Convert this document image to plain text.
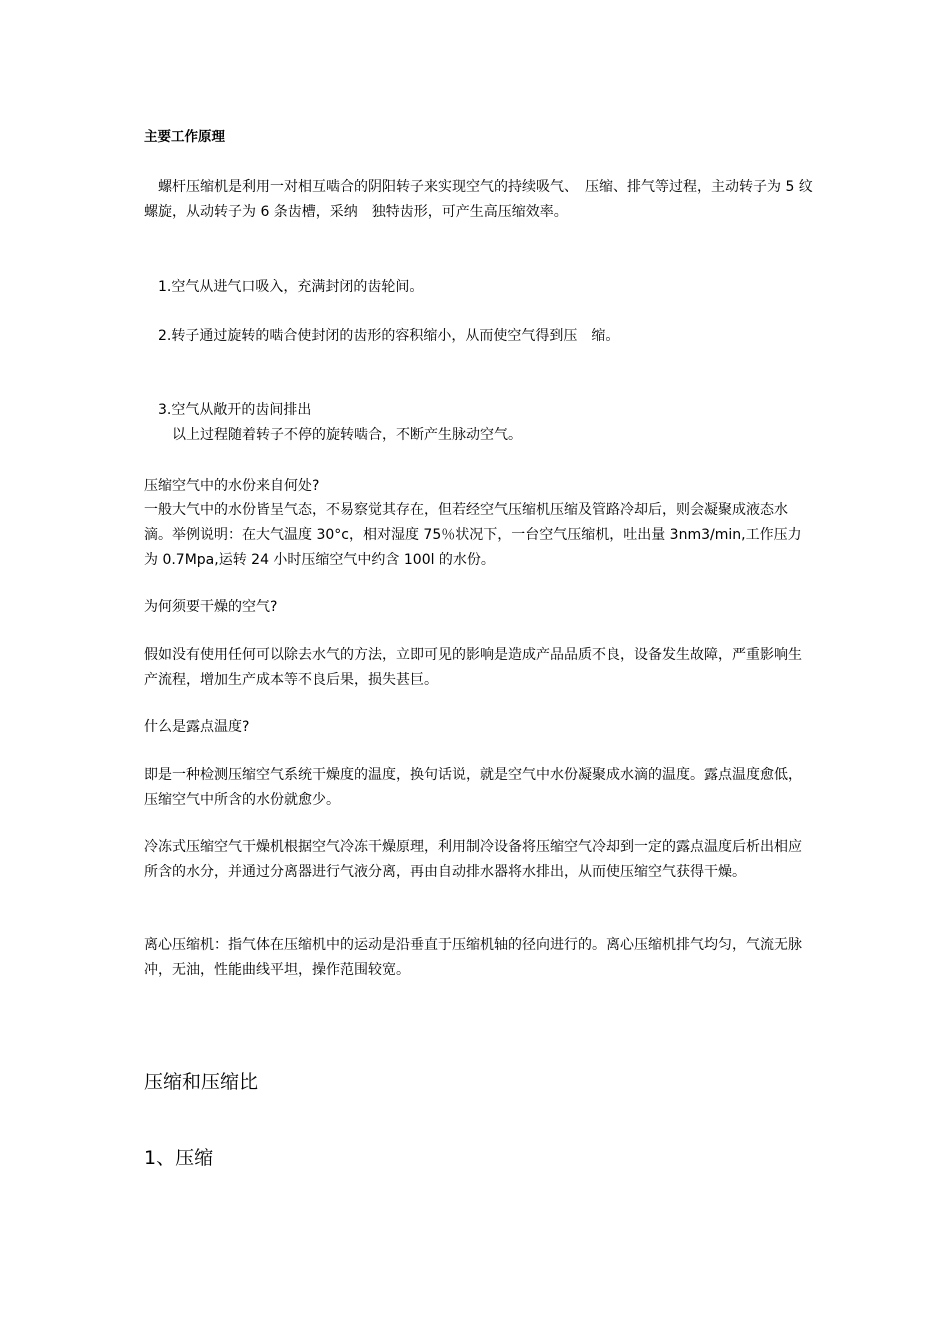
主要工作原理

螺杆压缩机是利用一对相互啮合的阴阳转子来实现空气的持续吸气、　压缩、排气等过程，主动转子为 5 纹螺旋，从动转子为 6 条齿槽，采纳　独特齿形，可产生高压缩效率。

1.空气从进气口吸入，充满封闭的齿轮间。

2.转子通过旋转的啮合使封闭的齿形的容积缩小，从而使空气得到压　缩。

3.空气从敞开的齿间排出

以上过程随着转子不停的旋转啮合，不断产生脉动空气。

压缩空气中的水份来自何处?

一般大气中的水份皆呈气态，不易察觉其存在，但若经空气压缩机压缩及管路冷却后，则会凝聚成液态水滴。举例说明：在大气温度 30°c，相对湿度 75％状况下，一台空气压缩机，吐出量 3nm3/min,工作压力为 0.7Mpa,运转 24 小时压缩空气中约含 100l 的水份。

为何须要干燥的空气?

假如没有使用任何可以除去水气的方法，立即可见的影响是造成产品品质不良，设备发生故障，严重影响生产流程，增加生产成本等不良后果，损失甚巨。

什么是露点温度?

即是一种检测压缩空气系统干燥度的温度，换句话说，就是空气中水份凝聚成水滴的温度。露点温度愈低，压缩空气中所含的水份就愈少。

冷冻式压缩空气干燥机根据空气冷冻干燥原理，利用制冷设备将压缩空气冷却到一定的露点温度后析出相应所含的水分，并通过分离器进行气液分离，再由自动排水器将水排出，从而使压缩空气获得干燥。

离心压缩机：指气体在压缩机中的运动是沿垂直于压缩机轴的径向进行的。离心压缩机排气均匀，气流无脉冲，无油，性能曲线平坦，操作范围较宽。

压缩和压缩比

1、压缩
